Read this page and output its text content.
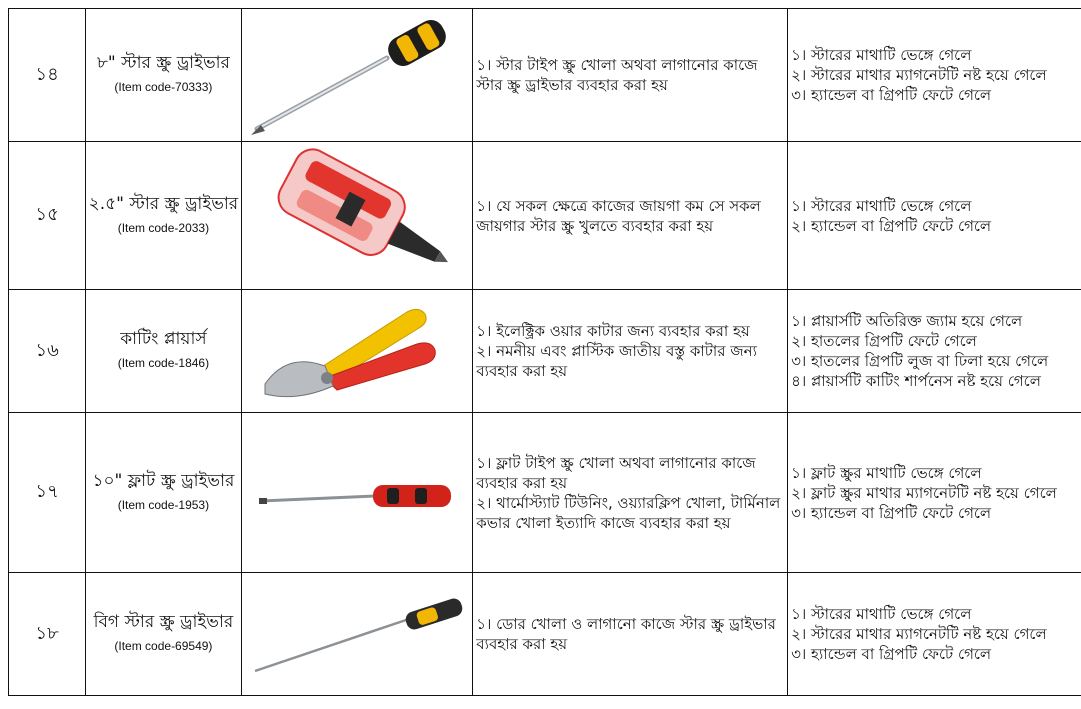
১৪	৮" স্টার স্ক্রু ড্রাইভার
(Item code-70333)		১। স্টার টাইপ স্ক্রু খোলা অথবা লাগানোর কাজে স্টার স্ক্রু ড্রাইভার ব্যবহার করা হয়	১। স্টারের মাথাটি ভেঙ্গে গেলে
২। স্টারের মাথার ম্যাগনেটটি নষ্ট হয়ে গেলে
৩। হ্যান্ডেল বা গ্রিপটি ফেটে গেলে

১৫	২.৫" স্টার স্ক্রু ড্রাইভার
(Item code-2033)		১। যে সকল ক্ষেত্রে কাজের জায়গা কম সে সকল জায়গার স্টার স্ক্রু খুলতে ব্যবহার করা হয়	১। স্টারের মাথাটি ভেঙ্গে গেলে
২। হ্যান্ডেল বা গ্রিপটি ফেটে গেলে

১৬	কাটিং প্লায়ার্স
(Item code-1846)		১। ইলেক্ট্রিক ওয়ার কাটার জন্য ব্যবহার করা হয়
২। নমনীয় এবং প্লাস্টিক জাতীয় বস্তু কাটার জন্য ব্যবহার করা হয়	১। প্লায়ার্সটি অতিরিক্ত জ্যাম হয়ে গেলে
২। হাতলের গ্রিপটি ফেটে গেলে
৩। হাতলের গ্রিপটি লুজ বা ঢিলা হয়ে গেলে
৪। প্লায়ার্সটি কাটিং শার্পনেস নষ্ট হয়ে গেলে

১৭	১০" ফ্লাট স্ক্রু ড্রাইভার
(Item code-1953)		১। ফ্লাট টাইপ স্ক্রু খোলা অথবা লাগানোর কাজে ব্যবহার করা হয়
২। থার্মোস্ট্যাট টিউনিং, ওয়্যারক্লিপ খোলা, টার্মিনাল কভার খোলা ইত্যাদি কাজে ব্যবহার করা হয়	১। ফ্লাট স্ক্রুর মাথাটি ভেঙ্গে গেলে
২। ফ্লাট স্ক্রুর মাথার ম্যাগনেটটি নষ্ট হয়ে গেলে
৩। হ্যান্ডেল বা গ্রিপটি ফেটে গেলে

১৮	বিগ স্টার স্ক্রু ড্রাইভার
(Item code-69549)		১। ডোর খোলা ও লাগানো কাজে স্টার স্ক্রু ড্রাইভার ব্যবহার করা হয়	১। স্টারের মাথাটি ভেঙ্গে গেলে
২। স্টারের মাথার ম্যাগনেটটি নষ্ট হয়ে গেলে
৩। হ্যান্ডেল বা গ্রিপটি ফেটে গেলে
